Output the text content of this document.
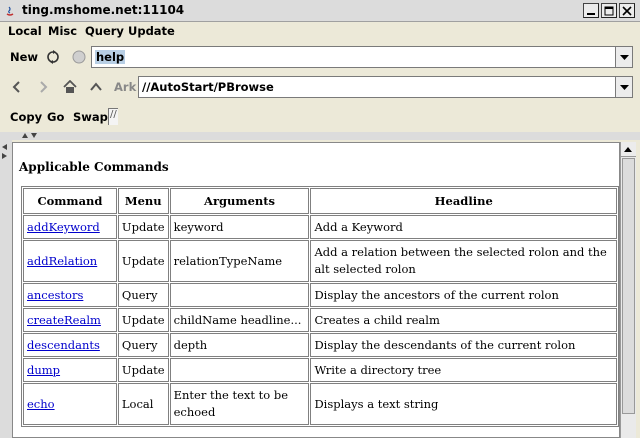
ting.mshome.net:11104
Local Misc Query Update
New	help
Ark //AutoStart/PBrowse
Copy Go Swap //
Applicable Commands
Command	Menu	Arguments	Headline
addKeyword	Update	keyword	Add a Keyword
addRelation	Update	relationTypeName	Add a relation between the selected rolon and the alt selected rolon
ancestors	Query		Display the ancestors of the current rolon
createRealm	Update	childName headline...	Creates a child realm
descendants	Query	depth	Display the descendants of the current rolon
dump	Update		Write a directory tree
echo	Local	Enter the text to be echoed	Displays a text string
